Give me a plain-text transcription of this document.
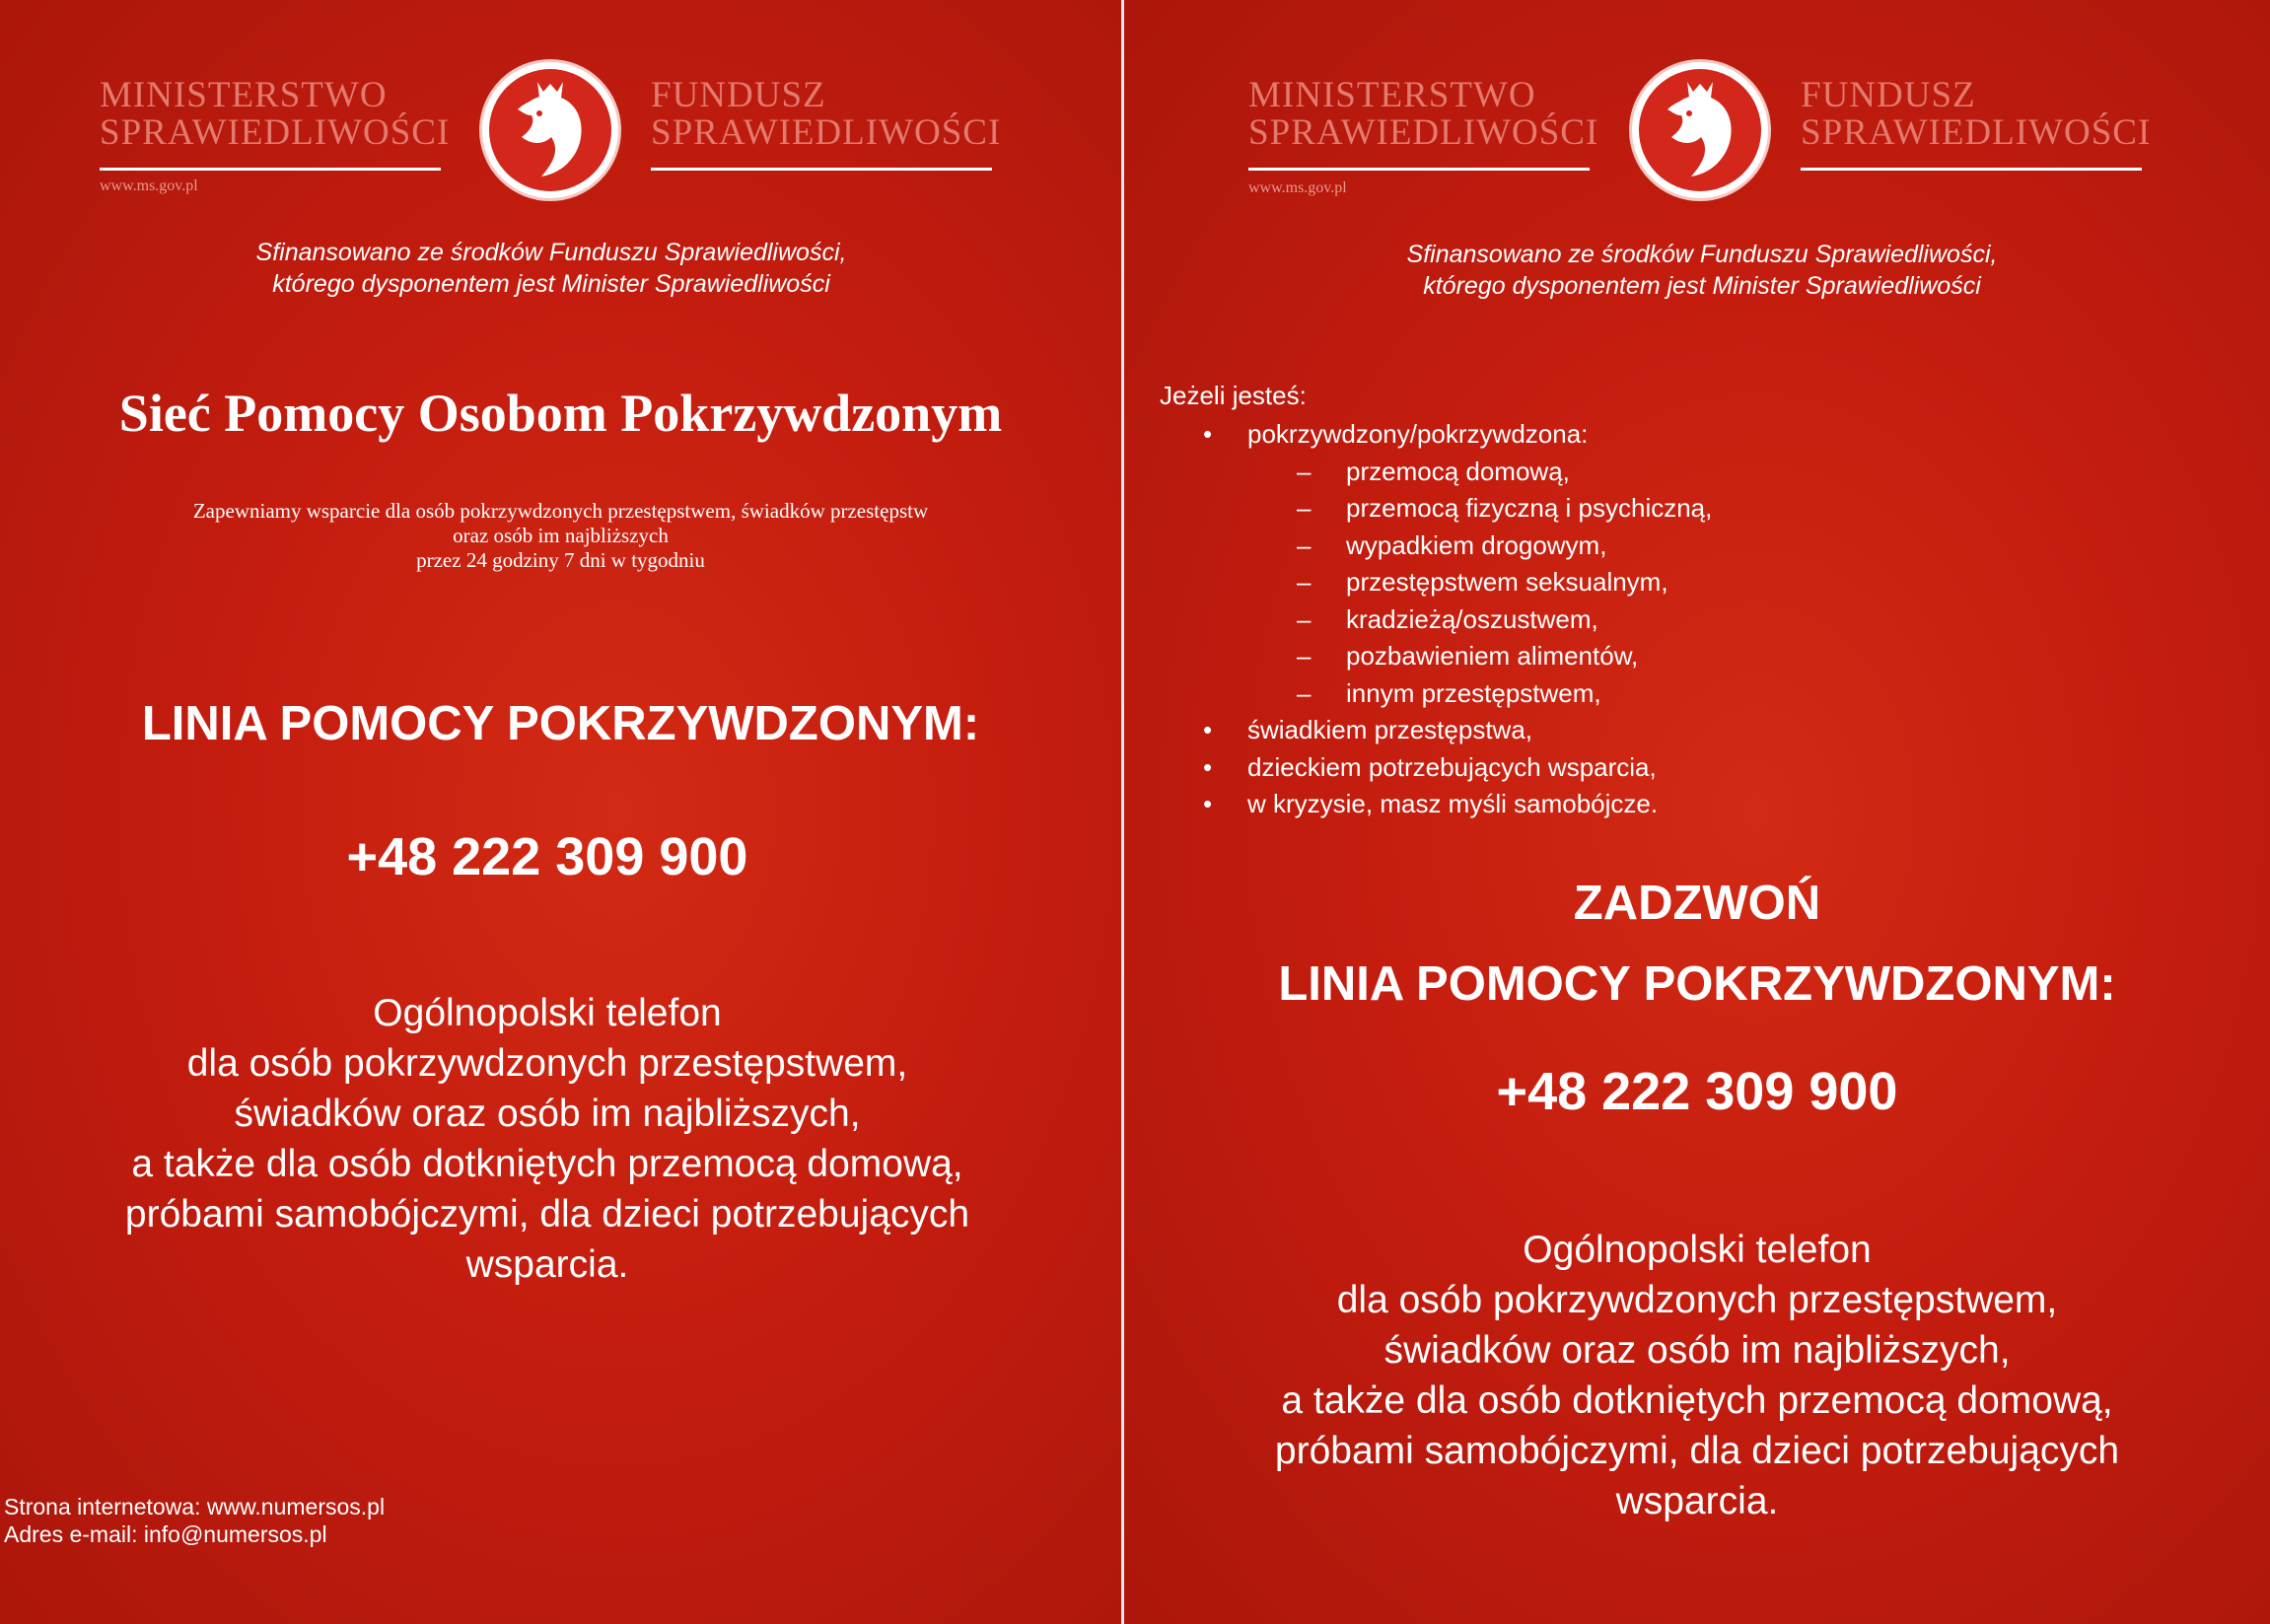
MINISTERSTWO
SPRAWIEDLIWOŚCI
www.ms.gov.pl
FUNDUSZ
SPRAWIEDLIWOŚCI
Sfinansowano ze środków Funduszu Sprawiedliwości,
którego dysponentem jest Minister Sprawiedliwości
Sieć Pomocy Osobom Pokrzywdzonym
Zapewniamy wsparcie dla osób pokrzywdzonych przestępstwem, świadków przestępstw
oraz osób im najbliższych
przez 24 godziny 7 dni w tygodniu
LINIA POMOCY POKRZYWDZONYM:
+48 222 309 900
Ogólnopolski telefon
dla osób pokrzywdzonych przestępstwem,
świadków oraz osób im najbliższych,
a także dla osób dotkniętych przemocą domową,
próbami samobójczymi, dla dzieci potrzebujących
wsparcia.
Strona internetowa: www.numersos.pl
Adres e-mail: info@numersos.pl
MINISTERSTWO
SPRAWIEDLIWOŚCI
www.ms.gov.pl
FUNDUSZ
SPRAWIEDLIWOŚCI
Sfinansowano ze środków Funduszu Sprawiedliwości,
którego dysponentem jest Minister Sprawiedliwości
Jeżeli jesteś:
• pokrzywdzony/pokrzywdzona:
– przemocą domową,
– przemocą fizyczną i psychiczną,
– wypadkiem drogowym,
– przestępstwem seksualnym,
– kradzieżą/oszustwem,
– pozbawieniem alimentów,
– innym przestępstwem,
• świadkiem przestępstwa,
• dzieckiem potrzebujących wsparcia,
• w kryzysie, masz myśli samobójcze.
ZADZWOŃ
LINIA POMOCY POKRZYWDZONYM:
+48 222 309 900
Ogólnopolski telefon
dla osób pokrzywdzonych przestępstwem,
świadków oraz osób im najbliższych,
a także dla osób dotkniętych przemocą domową,
próbami samobójczymi, dla dzieci potrzebujących
wsparcia.
